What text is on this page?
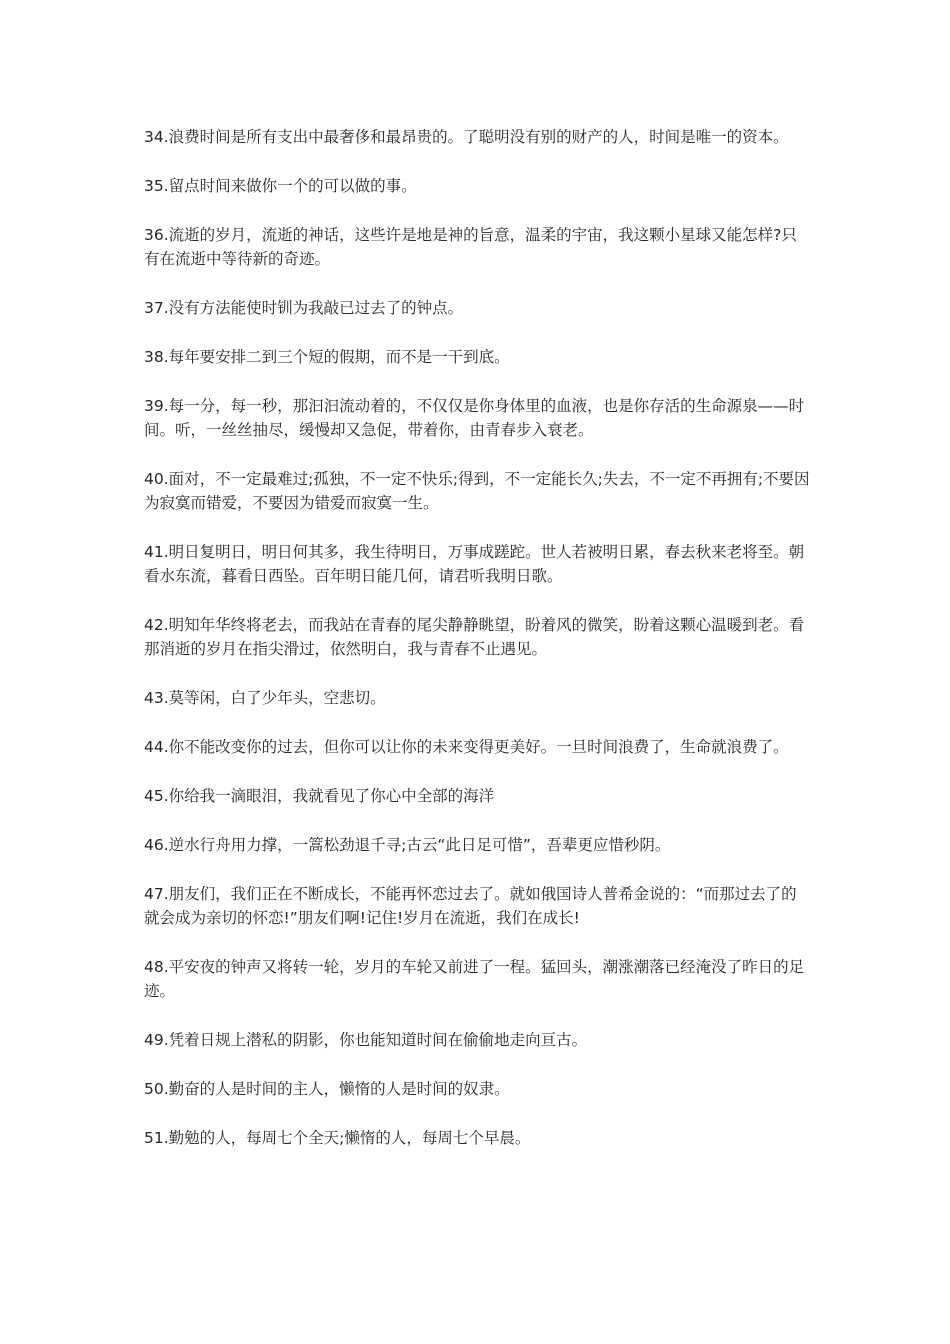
34.浪费时间是所有支出中最奢侈和最昂贵的。了聪明没有别的财产的人，时间是唯一的资本。

35.留点时间来做你一个的可以做的事。

36.流逝的岁月，流逝的神话，这些许是地是神的旨意，温柔的宇宙，我这颗小星球又能怎样?只有在流逝中等待新的奇迹。

37.没有方法能使时钏为我敲已过去了的钟点。

38.每年要安排二到三个短的假期，而不是一干到底。

39.每一分，每一秒，那汩汩流动着的，不仅仅是你身体里的血液，也是你存活的生命源泉——时间。听，一丝丝抽尽，缓慢却又急促，带着你，由青春步入衰老。

40.面对，不一定最难过;孤独，不一定不快乐;得到，不一定能长久;失去，不一定不再拥有;不要因为寂寞而错爱，不要因为错爱而寂寞一生。

41.明日复明日，明日何其多，我生待明日，万事成蹉跎。世人若被明日累，春去秋来老将至。朝看水东流，暮看日西坠。百年明日能几何，请君听我明日歌。

42.明知年华终将老去，而我站在青春的尾尖静静眺望，盼着风的微笑，盼着这颗心温暖到老。看那消逝的岁月在指尖滑过，依然明白，我与青春不止遇见。

43.莫等闲，白了少年头，空悲切。

44.你不能改变你的过去，但你可以让你的未来变得更美好。一旦时间浪费了，生命就浪费了。

45.你给我一滴眼泪，我就看见了你心中全部的海洋

46.逆水行舟用力撑，一篙松劲退千寻;古云“此日足可惜”，吾辈更应惜秒阴。

47.朋友们，我们正在不断成长，不能再怀恋过去了。就如俄国诗人普希金说的：“而那过去了的就会成为亲切的怀恋!”朋友们啊!记住!岁月在流逝，我们在成长!

48.平安夜的钟声又将转一轮，岁月的车轮又前进了一程。猛回头，潮涨潮落已经淹没了昨日的足迹。

49.凭着日规上潜私的阴影，你也能知道时间在偷偷地走向亘古。

50.勤奋的人是时间的主人，懒惰的人是时间的奴隶。

51.勤勉的人，每周七个全天;懒惰的人，每周七个早晨。
